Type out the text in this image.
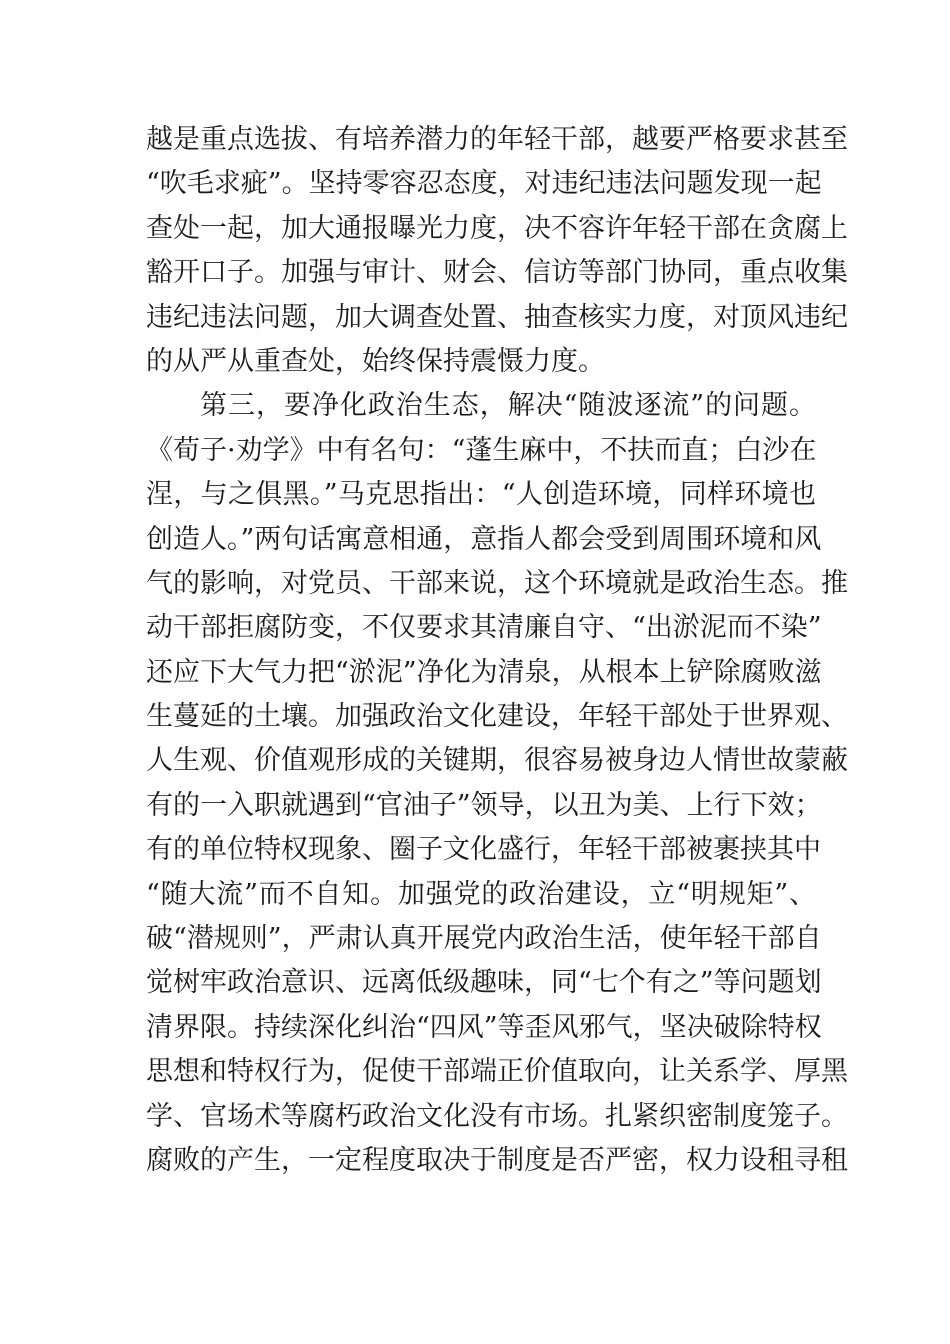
越是重点选拔、有培养潜力的年轻干部，越要严格要求甚至
“吹毛求疵”。坚持零容忍态度，对违纪违法问题发现一起
查处一起，加大通报曝光力度，决不容许年轻干部在贪腐上
豁开口子。加强与审计、财会、信访等部门协同，重点收集
违纪违法问题，加大调查处置、抽查核实力度，对顶风违纪
的从严从重查处，始终保持震慑力度。
第三，要净化政治生态，解决“随波逐流”的问题。
《荀子·劝学》中有名句：“蓬生麻中，不扶而直；白沙在
涅，与之俱黑。”马克思指出：“人创造环境，同样环境也
创造人。”两句话寓意相通，意指人都会受到周围环境和风
气的影响，对党员、干部来说，这个环境就是政治生态。推
动干部拒腐防变，不仅要求其清廉自守、“出淤泥而不染”
还应下大气力把“淤泥”净化为清泉，从根本上铲除腐败滋
生蔓延的土壤。加强政治文化建设，年轻干部处于世界观、
人生观、价值观形成的关键期，很容易被身边人情世故蒙蔽
有的一入职就遇到“官油子”领导，以丑为美、上行下效；
有的单位特权现象、圈子文化盛行，年轻干部被裹挟其中
“随大流”而不自知。加强党的政治建设，立“明规矩”、
破“潜规则”，严肃认真开展党内政治生活，使年轻干部自
觉树牢政治意识、远离低级趣味，同“七个有之”等问题划
清界限。持续深化纠治“四风”等歪风邪气，坚决破除特权
思想和特权行为，促使干部端正价值取向，让关系学、厚黑
学、官场术等腐朽政治文化没有市场。扎紧织密制度笼子。
腐败的产生，一定程度取决于制度是否严密，权力设租寻租
